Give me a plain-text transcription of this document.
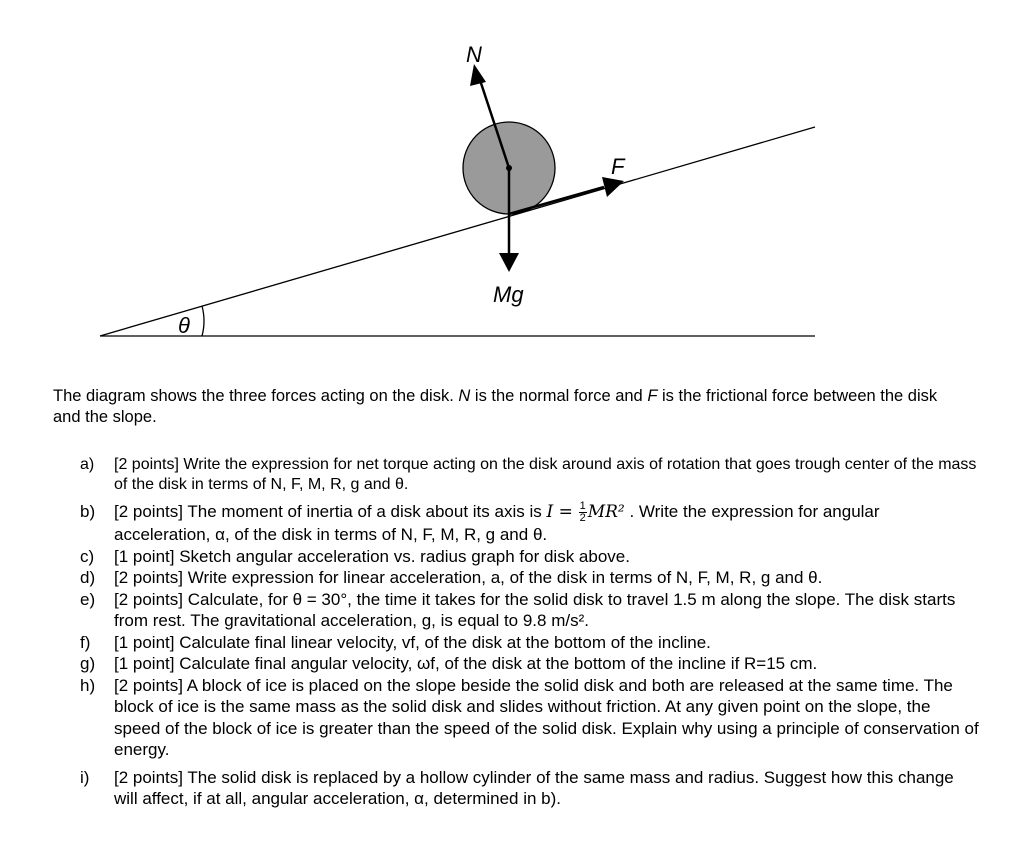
N
F
Mg
θ

The diagram shows the three forces acting on the disk. N is the normal force and F is the frictional force between the disk and the slope.

a) [2 points] Write the expression for net torque acting on the disk around axis of rotation that goes trough center of the mass of the disk in terms of N, F, M, R, g and θ.
b) [2 points] The moment of inertia of a disk about its axis is $I = \frac{1}{2} MR^2$ . Write the expression for angular acceleration, α, of the disk in terms of N, F, M, R, g and θ.
c) [1 point] Sketch angular acceleration vs. radius graph for disk above.
d) [2 points] Write expression for linear acceleration, a, of the disk in terms of N, F, M, R, g and θ.
e) [2 points] Calculate, for θ = 30°, the time it takes for the solid disk to travel 1.5 m along the slope. The disk starts from rest. The gravitational acceleration, g, is equal to 9.8 m/s².
f) [1 point] Calculate final linear velocity, vf, of the disk at the bottom of the incline.
g) [1 point] Calculate final angular velocity, ωf, of the disk at the bottom of the incline if R=15 cm.
h) [2 points] A block of ice is placed on the slope beside the solid disk and both are released at the same time. The block of ice is the same mass as the solid disk and slides without friction. At any given point on the slope, the speed of the block of ice is greater than the speed of the solid disk. Explain why using a principle of conservation of energy.
i) [2 points] The solid disk is replaced by a hollow cylinder of the same mass and radius. Suggest how this change will affect, if at all, angular acceleration, α, determined in b).
